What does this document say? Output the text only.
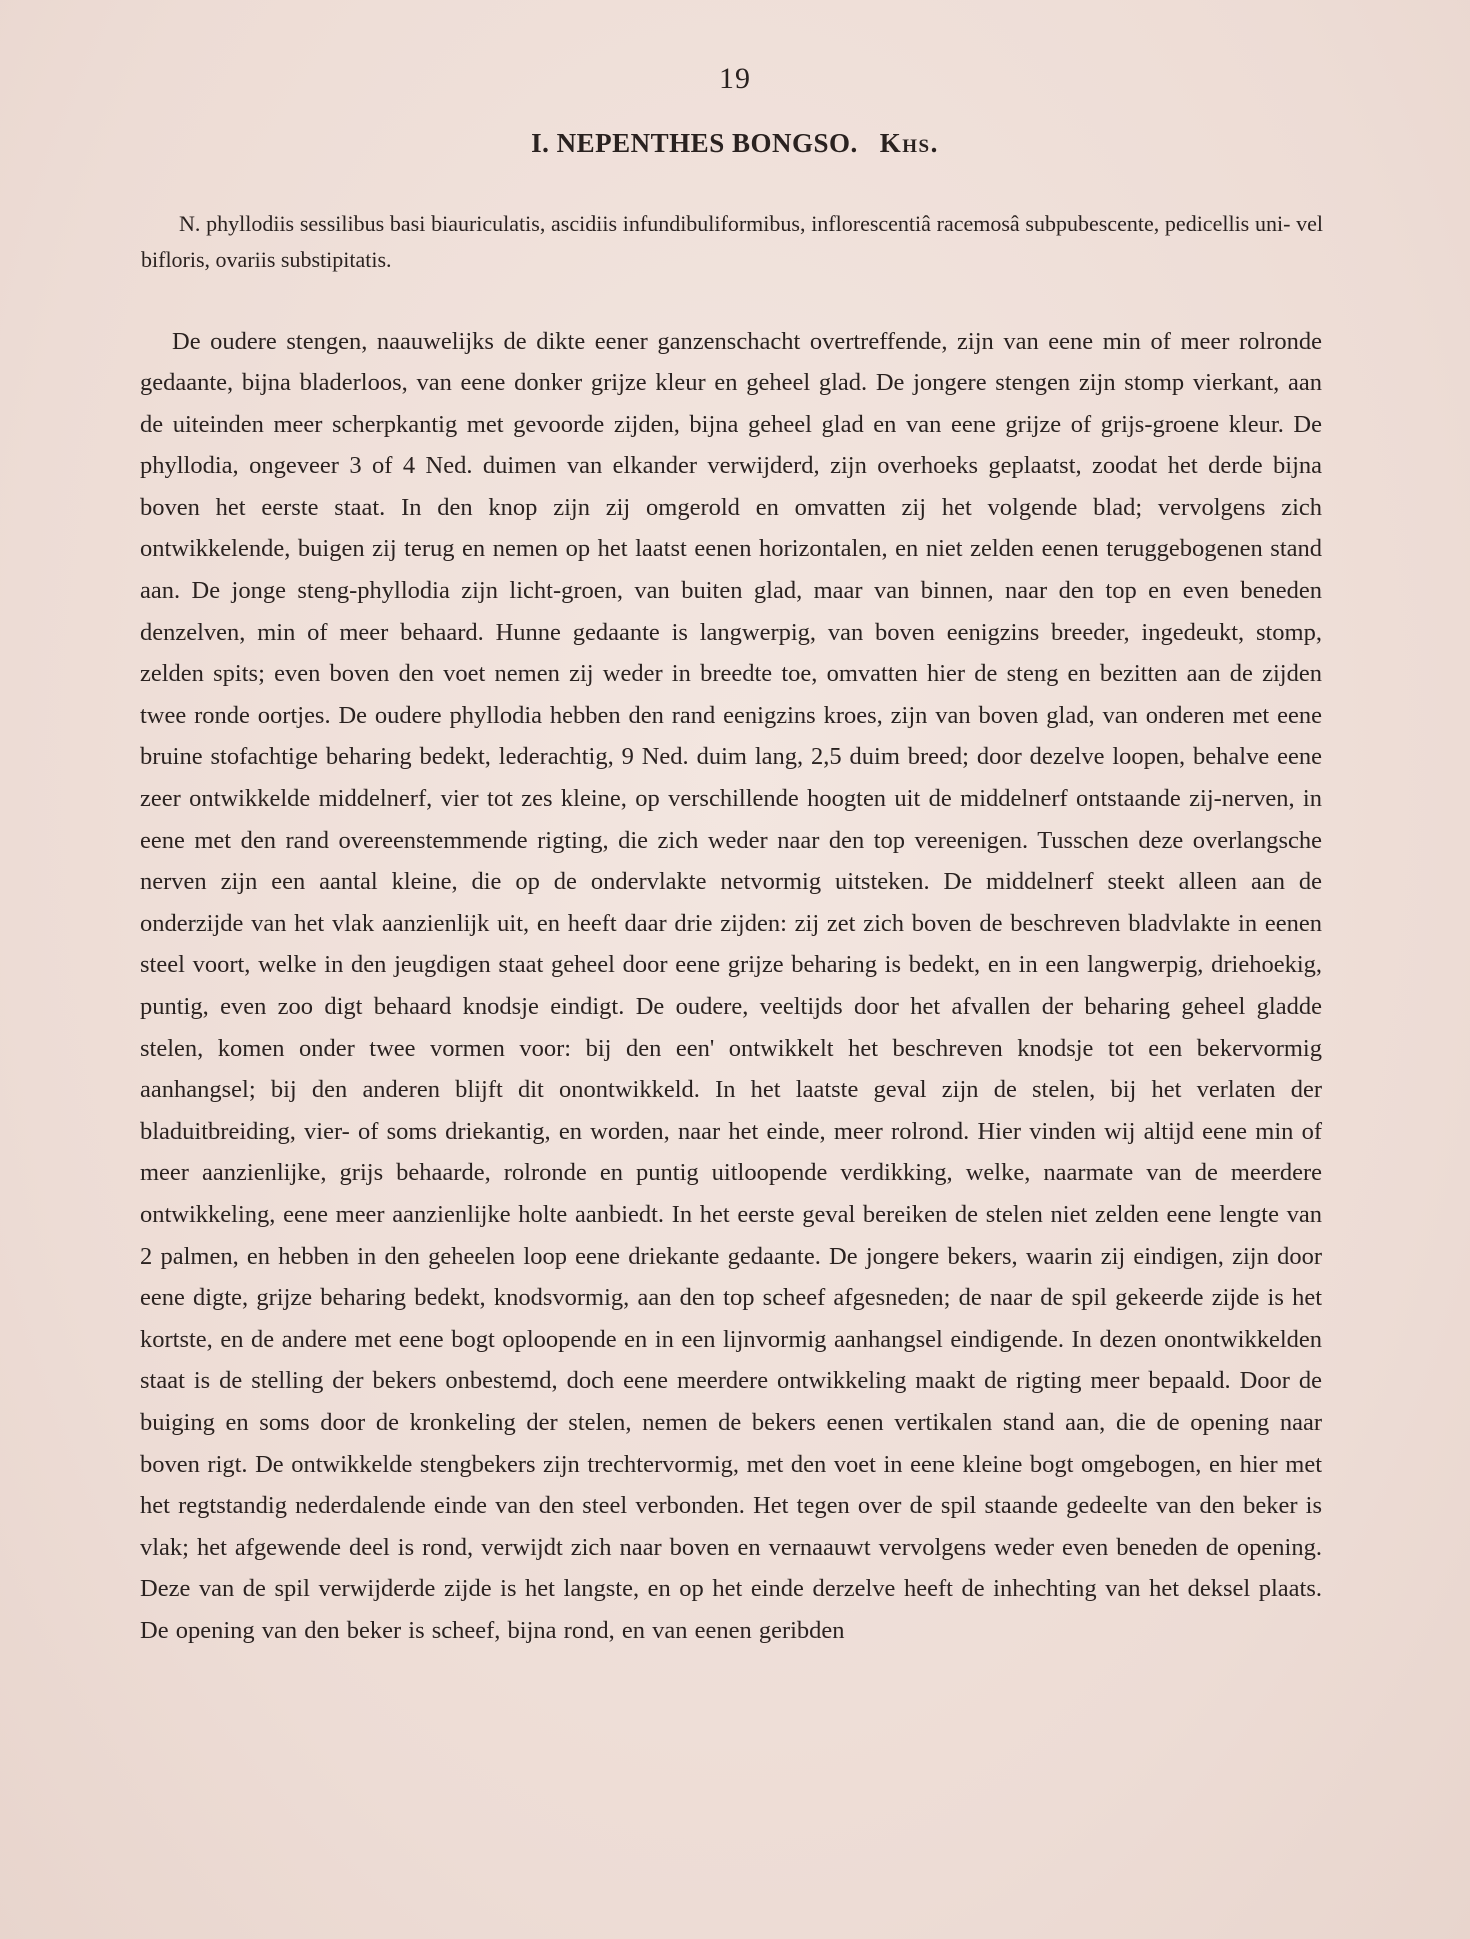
19
I. NEPENTHES BONGSO. Khs.

N. phyllodiis sessilibus basi biauriculatis, ascidiis infundibuliformibus, inflorescentiâ racemosâ subpubescente, pedicellis uni- vel bifloris, ovariis substipitatis.

De oudere stengen, naauwelijks de dikte eener ganzenschacht overtreffende, zijn van eene min of meer rolronde gedaante, bijna bladerloos, van eene donker grijze kleur en geheel glad. De jongere stengen zijn stomp vierkant, aan de uiteinden meer scherpkantig met gevoorde zijden, bijna geheel glad en van eene grijze of grijs-groene kleur. De phyllodia, ongeveer 3 of 4 Ned. duimen van elkander verwijderd, zijn overhoeks geplaatst, zoodat het derde bijna boven het eerste staat. In den knop zijn zij omgerold en omvatten zij het volgende blad; vervolgens zich ontwikkelende, buigen zij terug en nemen op het laatst eenen horizontalen, en niet zelden eenen teruggebogenen stand aan. De jonge steng-phyllodia zijn licht-groen, van buiten glad, maar van binnen, naar den top en even beneden denzelven, min of meer behaard. Hunne gedaante is langwerpig, van boven eenigzins breeder, ingedeukt, stomp, zelden spits; even boven den voet nemen zij weder in breedte toe, omvatten hier de steng en bezitten aan de zijden twee ronde oortjes. De oudere phyllodia hebben den rand eenigzins kroes, zijn van boven glad, van onderen met eene bruine stofachtige beharing bedekt, lederachtig, 9 Ned. duim lang, 2,5 duim breed; door dezelve loopen, behalve eene zeer ontwikkelde middelnerf, vier tot zes kleine, op verschillende hoogten uit de middelnerf ontstaande zij-nerven, in eene met den rand overeenstemmende rigting, die zich weder naar den top vereenigen. Tusschen deze overlangsche nerven zijn een aantal kleine, die op de ondervlakte netvormig uitsteken. De middelnerf steekt alleen aan de onderzijde van het vlak aanzienlijk uit, en heeft daar drie zijden: zij zet zich boven de beschreven bladvlakte in eenen steel voort, welke in den jeugdigen staat geheel door eene grijze beharing is bedekt, en in een langwerpig, driehoekig, puntig, even zoo digt behaard knodsje eindigt. De oudere, veeltijds door het afvallen der beharing geheel gladde stelen, komen onder twee vormen voor: bij den een' ontwikkelt het beschreven knodsje tot een bekervormig aanhangsel; bij den anderen blijft dit onontwikkeld. In het laatste geval zijn de stelen, bij het verlaten der bladuitbreiding, vier- of soms driekantig, en worden, naar het einde, meer rolrond. Hier vinden wij altijd eene min of meer aanzienlijke, grijs behaarde, rolronde en puntig uitloopende verdikking, welke, naarmate van de meerdere ontwikkeling, eene meer aanzienlijke holte aanbiedt. In het eerste geval bereiken de stelen niet zelden eene lengte van 2 palmen, en hebben in den geheelen loop eene driekante gedaante. De jongere bekers, waarin zij eindigen, zijn door eene digte, grijze beharing bedekt, knodsvormig, aan den top scheef afgesneden; de naar de spil gekeerde zijde is het kortste, en de andere met eene bogt oploopende en in een lijnvormig aanhangsel eindigende. In dezen onontwikkelden staat is de stelling der bekers onbestemd, doch eene meerdere ontwikkeling maakt de rigting meer bepaald. Door de buiging en soms door de kronkeling der stelen, nemen de bekers eenen vertikalen stand aan, die de opening naar boven rigt. De ontwikkelde stengbekers zijn trechtervormig, met den voet in eene kleine bogt omgebogen, en hier met het regtstandig nederdalende einde van den steel verbonden. Het tegen over de spil staande gedeelte van den beker is vlak; het afgewende deel is rond, verwijdt zich naar boven en vernaauwt vervolgens weder even beneden de opening. Deze van de spil verwijderde zijde is het langste, en op het einde derzelve heeft de inhechting van het deksel plaats. De opening van den beker is scheef, bijna rond, en van eenen geribden
